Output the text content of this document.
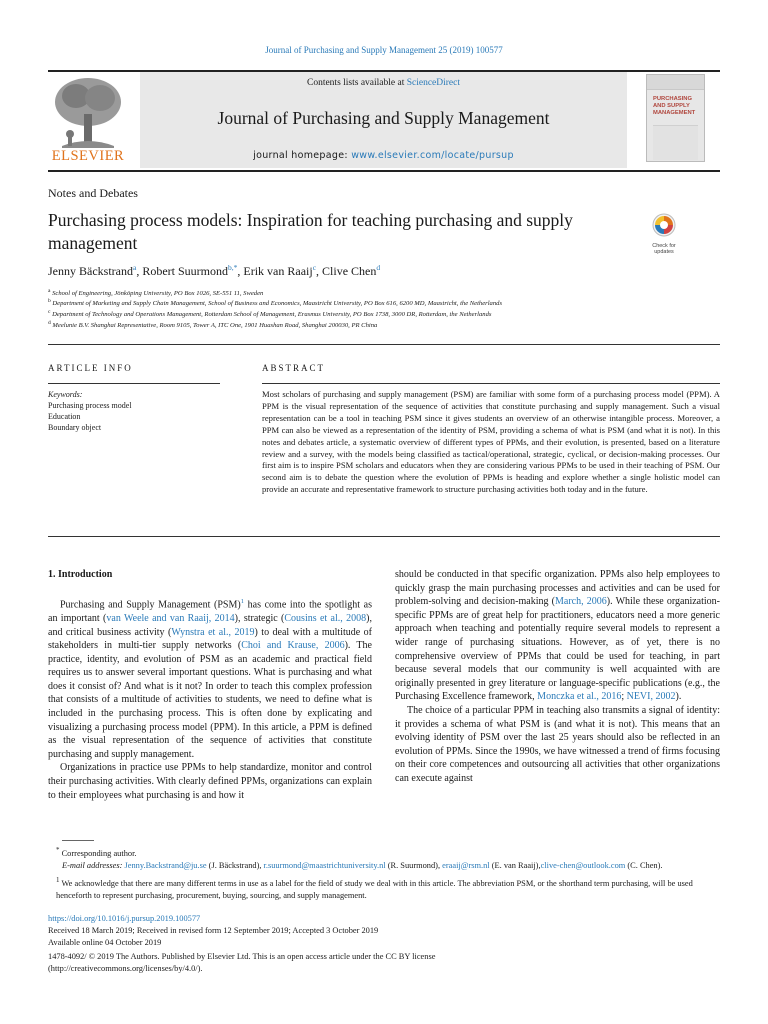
Journal of Purchasing and Supply Management 25 (2019) 100577
ELSEVIER
Contents lists available at ScienceDirect
Journal of Purchasing and Supply Management
journal homepage: www.elsevier.com/locate/pursup
PURCHASING
AND SUPPLY
MANAGEMENT
Notes and Debates
Purchasing process models: Inspiration for teaching purchasing and supply management	Check for
updates
Jenny Bäckstrand$^a$, Robert Suurmond$^{b,*}$, Erik van Raaij$^c$, Clive Chen$^d$
$^a$ School of Engineering, Jönköping University, PO Box 1026, SE-551 11, Sweden
$^b$ Department of Marketing and Supply Chain Management, School of Business and Economics, Maastricht University, PO Box 616, 6200 MD, Maastricht, the Netherlands
$^c$ Department of Technology and Operations Management, Rotterdam School of Management, Erasmus University, PO Box 1738, 3000 DR, Rotterdam, the Netherlands
$^d$ Meelunie B.V. Shanghai Representative, Room 9105, Tower A, ITC One, 1901 Huashan Road, Shanghai 200030, PR China
ARTICLE INFO	ABSTRACT
Keywords:
Purchasing process model
Education
Boundary object
Most scholars of purchasing and supply management (PSM) are familiar with some form of a purchasing process model (PPM). A PPM is the visual representation of the sequence of activities that constitute purchasing and supply management. Such a visual representation can be a tool in teaching PSM since it gives students an overview of an otherwise intangible process. Moreover, a PPM can also be viewed as a representation of the identity of PSM, providing a schema of what is PSM (and what it is not). In this notes and debates article, a systematic overview of different types of PPMs, and their evolution, is presented, based on a literature review and a survey, with the models being classified as tactical/operational, strategic, cyclical, or decision-making processes. Our first aim is to inspire PSM scholars and educators when they are considering various PPMs to be used in their teaching of PSM. Our second aim is to debate the question where the evolution of PPMs is heading and explore whether a single holistic model can provide an accurate and representative framework to structure purchasing activities both today and in the future.
1. Introduction

Purchasing and Supply Management (PSM)$^1$ has come into the spotlight as an important (van Weele and van Raaij, 2014), strategic (Cousins et al., 2008), and critical business activity (Wynstra et al., 2019) to deal with a multitude of stakeholders in multi-tier supply networks (Choi and Krause, 2006). The practice, identity, and evolution of PSM as an academic and practical field requires us to answer several important questions. What is purchasing and what does it consist of? And what is it not? In order to teach this complex profession that consists of a multitude of activities to students, we need to define what is included in the purchasing process. This is often done by explicating and visualizing a purchasing process model (PPM). In this article, a PPM is defined as the visual representation of the sequence of activities that constitute purchasing and supply management.

Organizations in practice use PPMs to help standardize, monitor and control their purchasing activities. With clearly defined PPMs, organizations can explain to their employees what purchasing is and how it

should be conducted in that specific organization. PPMs also help employees to quickly grasp the main purchasing processes and activities and can be used for problem-solving and decision-making (March, 2006). While these organization-specific PPMs are of great help for practitioners, educators need a more generic approach when teaching and potentially require several models to represent a wider range of purchasing situations. However, as of yet, there is no comprehensive overview of PPMs that could be used for teaching, in part because several models that our community is well acquainted with are originally presented in grey literature or language-specific publications (e.g., the Purchasing Excellence framework, Monczka et al., 2016; NEVI, 2002).

The choice of a particular PPM in teaching also transmits a signal of identity: it provides a schema of what PSM is (and what it is not). This means that an evolving identity of PSM over the last 25 years should also be reflected in an evolution of PPMs. Since the 1990s, we have witnessed a trend of firms focusing on their core competences and outsourcing all activities that other organizations can execute against

* Corresponding author.

E-mail addresses: Jenny.Backstrand@ju.se (J. Bäckstrand), r.suurmond@maastrichtuniversity.nl (R. Suurmond), eraaij@rsm.nl (E. van Raaij),clive-chen@outlook.com (C. Chen).

$^1$ We acknowledge that there are many different terms in use as a label for the field of study we deal with in this article. The abbreviation PSM, or the shorthand term purchasing, will be used henceforth to represent purchasing, procurement, buying, sourcing, and supply management.

https://doi.org/10.1016/j.pursup.2019.100577

Received 18 March 2019; Received in revised form 12 September 2019; Accepted 3 October 2019

Available online 04 October 2019

1478-4092/ © 2019 The Authors. Published by Elsevier Ltd. This is an open access article under the CC BY license

(http://creativecommons.org/licenses/by/4.0/).
